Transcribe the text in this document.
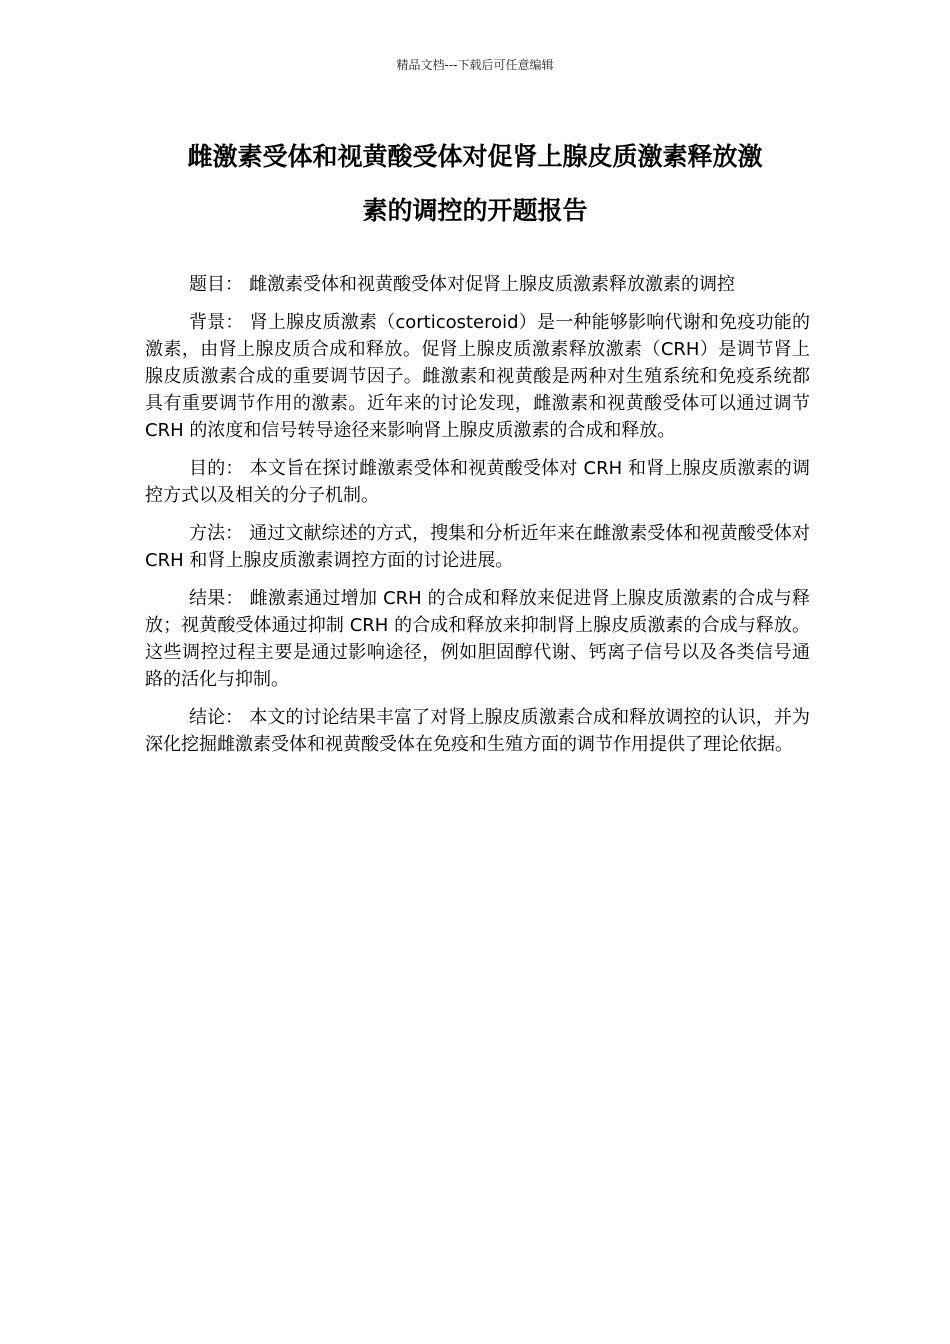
精品文档---下载后可任意编辑
雌激素受体和视黄酸受体对促肾上腺皮质激素释放激
素的调控的开题报告

题目： 雌激素受体和视黄酸受体对促肾上腺皮质激素释放激素的调控

背景： 肾上腺皮质激素（corticosteroid）是一种能够影响代谢和免疫功能的激素，由肾上腺皮质合成和释放。促肾上腺皮质激素释放激素（CRH）是调节肾上腺皮质激素合成的重要调节因子。雌激素和视黄酸是两种对生殖系统和免疫系统都具有重要调节作用的激素。近年来的讨论发现，雌激素和视黄酸受体可以通过调节 CRH 的浓度和信号转导途径来影响肾上腺皮质激素的合成和释放。

目的： 本文旨在探讨雌激素受体和视黄酸受体对 CRH 和肾上腺皮质激素的调控方式以及相关的分子机制。

方法： 通过文献综述的方式，搜集和分析近年来在雌激素受体和视黄酸受体对 CRH 和肾上腺皮质激素调控方面的讨论进展。

结果： 雌激素通过增加 CRH 的合成和释放来促进肾上腺皮质激素的合成与释放；视黄酸受体通过抑制 CRH 的合成和释放来抑制肾上腺皮质激素的合成与释放。这些调控过程主要是通过影响途径，例如胆固醇代谢、钙离子信号以及各类信号通路的活化与抑制。

结论： 本文的讨论结果丰富了对肾上腺皮质激素合成和释放调控的认识，并为深化挖掘雌激素受体和视黄酸受体在免疫和生殖方面的调节作用提供了理论依据。
